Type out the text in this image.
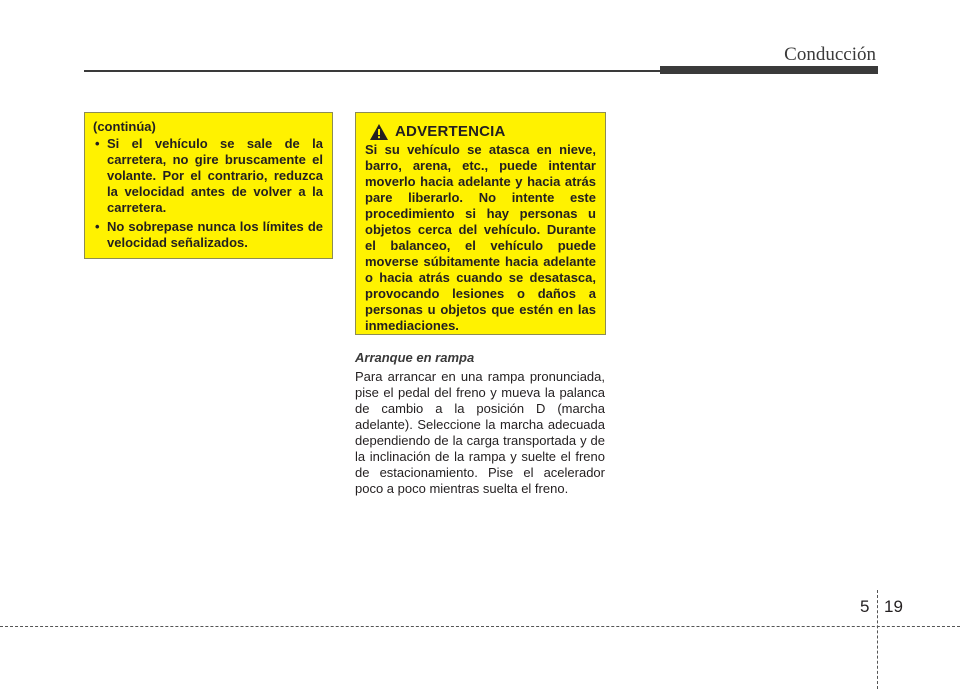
Conducción
(continúa)
• Si el vehículo se sale de la carretera, no gire bruscamente el volante. Por el contrario, reduzca la velocidad antes de volver a la carretera.
• No sobrepase nunca los límites de velocidad señalizados.
ADVERTENCIA
Si su vehículo se atasca en nieve, barro, arena, etc., puede intentar moverlo hacia adelante y hacia atrás pare liberarlo. No intente este procedimiento si hay personas u objetos cerca del vehículo. Durante el balanceo, el vehículo puede moverse súbitamente hacia adelante o hacia atrás cuando se desatasca, provocando lesiones o daños a personas u objetos que estén en las inmediaciones.
Arranque en rampa
Para arrancar en una rampa pronunciada, pise el pedal del freno y mueva la palanca de cambio a la posición D (marcha adelante). Seleccione la marcha adecuada dependiendo de la carga transportada y de la inclinación de la rampa y suelte el freno de estacionamiento. Pise el acelerador poco a poco mientras suelta el freno.
5 19
